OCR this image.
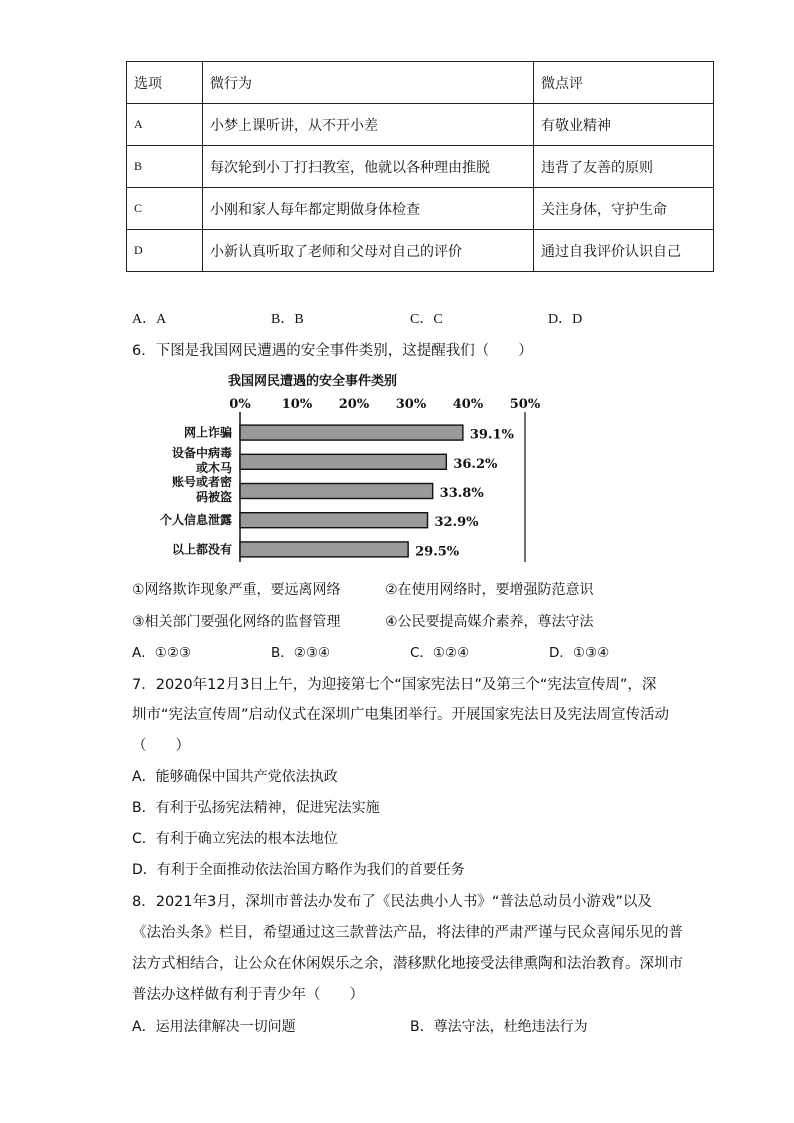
选项	微行为	微点评
A	小梦上课听讲，从不开小差	有敬业精神
B	每次轮到小丁打扫教室，他就以各种理由推脱	违背了友善的原则
C	小刚和家人每年都定期做身体检查	关注身体，守护生命
D	小新认真听取了老师和父母对自己的评价	通过自我评价认识自己
A．A	B．B	C．C	D．D
6．下图是我国网民遭遇的安全事件类别，这提醒我们（　　）
我国网民遭遇的安全事件类别
0% 10% 20% 30% 40% 50%
39.1%
网上诈骗
36.2%
设备中病毒
或木马
33.8%
账号或者密
码被盗
32.9%
个人信息泄露
29.5%
以上都没有
①网络欺诈现象严重，要远离网络	②在使用网络时，要增强防范意识
③相关部门要强化网络的监督管理	④公民要提高媒介素养，尊法守法
A．①②③	B．②③④	C．①②④	D．①③④
7．2020年12月3日上午，为迎接第七个“国家宪法日”及第三个“宪法宣传周”，深
圳市“宪法宣传周”启动仪式在深圳广电集团举行。开展国家宪法日及宪法周宣传活动
（　　）
A．能够确保中国共产党依法执政
B．有利于弘扬宪法精神，促进宪法实施
C．有利于确立宪法的根本法地位
D．有利于全面推动依法治国方略作为我们的首要任务
8．2021年3月，深圳市普法办发布了《民法典小人书》“普法总动员小游戏”以及
《法治头条》栏目，希望通过这三款普法产品，将法律的严肃严谨与民众喜闻乐见的普
法方式相结合，让公众在休闲娱乐之余，潜移默化地接受法律熏陶和法治教育。深圳市
普法办这样做有利于青少年（　　）
A．运用法律解决一切问题	B．尊法守法，杜绝违法行为
